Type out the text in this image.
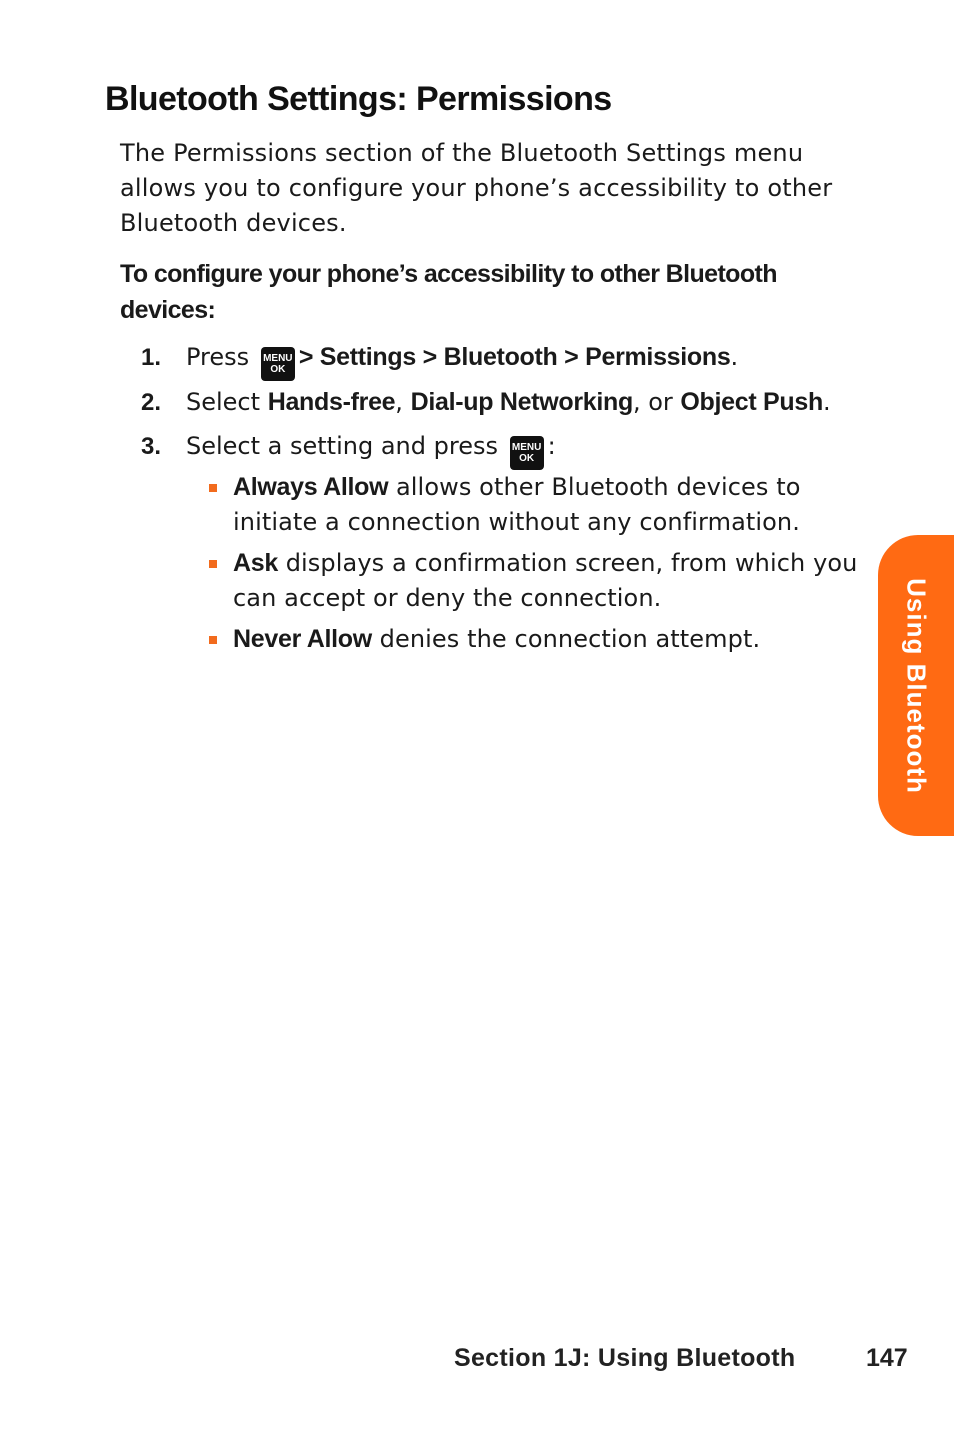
Bluetooth Settings: Permissions

The Permissions section of the Bluetooth Settings menu allows you to configure your phone’s accessibility to other Bluetooth devices.

To configure your phone’s accessibility to other Bluetooth devices:

1. Press MENU
OK > Settings > Bluetooth > Permissions.
2. Select Hands-free, Dial-up Networking, or Object Push.
3. Select a setting and press MENU
OK :
Always Allow allows other Bluetooth devices to initiate a connection without any confirmation.
Ask displays a confirmation screen, from which you can accept or deny the connection.
Never Allow denies the connection attempt.	Using Bluetooth
Section 1J: Using Bluetooth	147
